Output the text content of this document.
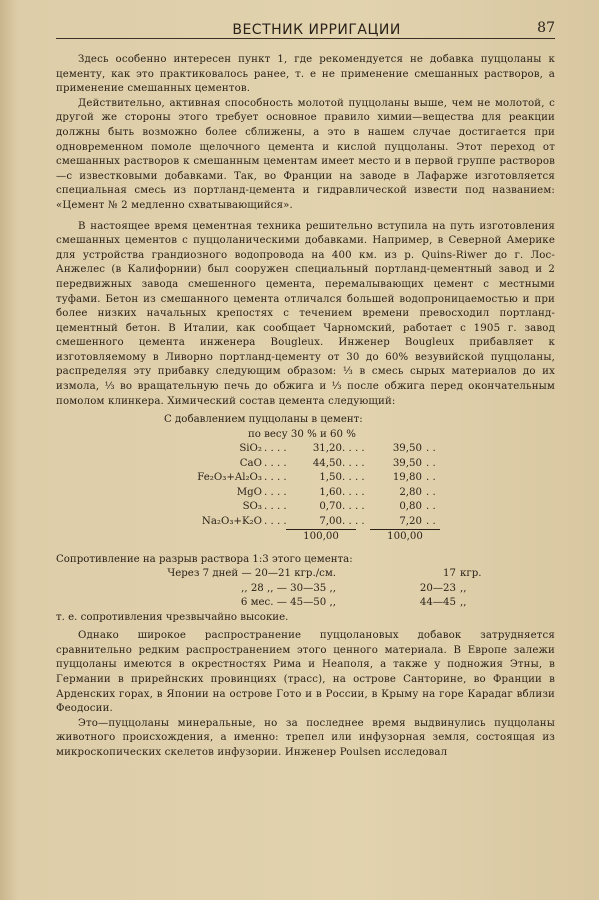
ВЕСТНИК ИРРИГАЦИИ	87

Здесь особенно интересен пункт 1, где рекомендуется не добавка пуццоланы к цементу, как это практиковалось ранее, т. е не применение смешанных растворов, а применение смешанных цементов.

Действительно, активная способность молотой пуццоланы выше, чем не молотой, с другой же стороны этого требует основное правило химии—вещества для реакции должны быть возможно более сближены, а это в нашем случае достигается при одновременном помоле щелочного цемента и кислой пуццоланы. Этот переход от смешанных растворов к смешанным цементам имеет место и в первой группе растворов—с известковыми добавками. Так, во Франции на заводе в Лафарже изготовляется специальная смесь из портланд-цемента и гидравлической извести под названием: «Цемент № 2 медленно схватывающийся».

В настоящее время цементная техника решительно вступила на путь изготовления смешанных цементов с пуццоланическими добавками. Например, в Северной Америке для устройства грандиозного водопровода на 400 км. из р. Quins-Riwer до г. Лос-Анжелес (в Калифорнии) был сооружен специальный портланд-цементный завод и 2 передвижных завода смешенного цемента, перемалывающих цемент с местными туфами. Бетон из смешанного цемента отличался большей водопроницаемостью и при более низких начальных крепостях с течением времени превосходил портланд-цементный бетон. В Италии, как сообщает Чарномский, работает с 1905 г. завод смешенного цемента инженера Bougleux. Инженер Bougleux прибавляет к изготовляемому в Ливорно портланд-цементу от 30 до 60% везувийской пуццоланы, распределяя эту прибавку следующим образом: ⅓ в смесь сырых материалов до их измола, ⅓ во вращательную печь до обжига и ⅓ после обжига перед окончательным помолом клинкера. Химический состав цемента следующий:

С добавлением пуццоланы в цемент:
по весу 30 % и 60 %
SiO₂ . . . .	31,20 . . . .	39,50 . .
CaO . . . .	44,50 . . . .	39,50 . .
Fe₂O₃+Al₂O₃ . . . .	1,50 . . . .	19,80 . .
MgO . . . .	1,60 . . . .	2,80 . .
SO₃ . . . .	0,70 . . . .	0,80 . .
Na₂O₃+K₂O . . . .	7,00 . . . .	7,20 . .
100,00	100,00
Сопротивление на разрыв раствора 1:3 этого цемента:
Через 7 дней — 20—21 кгр./см.	17 кгр.
,, 28 ,, — 30—35 ,,	20—23 ,,
6 мес. — 45—50 ,,	44—45 ,,
т. е. сопротивления чрезвычайно высокие.

Однако широкое распространение пуццолановых добавок затрудняется сравнительно редким распространением этого ценного материала. В Европе залежи пуццоланы имеются в окрестностях Рима и Неаполя, а также у подножия Этны, в Германии в прирейнских провинциях (трасс), на острове Санторине, во Франции в Арденских горах, в Японии на острове Гото и в России, в Крыму на горе Карадаг вблизи Феодосии.

Это—пуццоланы минеральные, но за последнее время выдвинулись пуццоланы животного происхождения, а именно: трепел или инфузорная земля, состоящая из микроскопических скелетов инфузории. Инженер Poulsen исследовал
